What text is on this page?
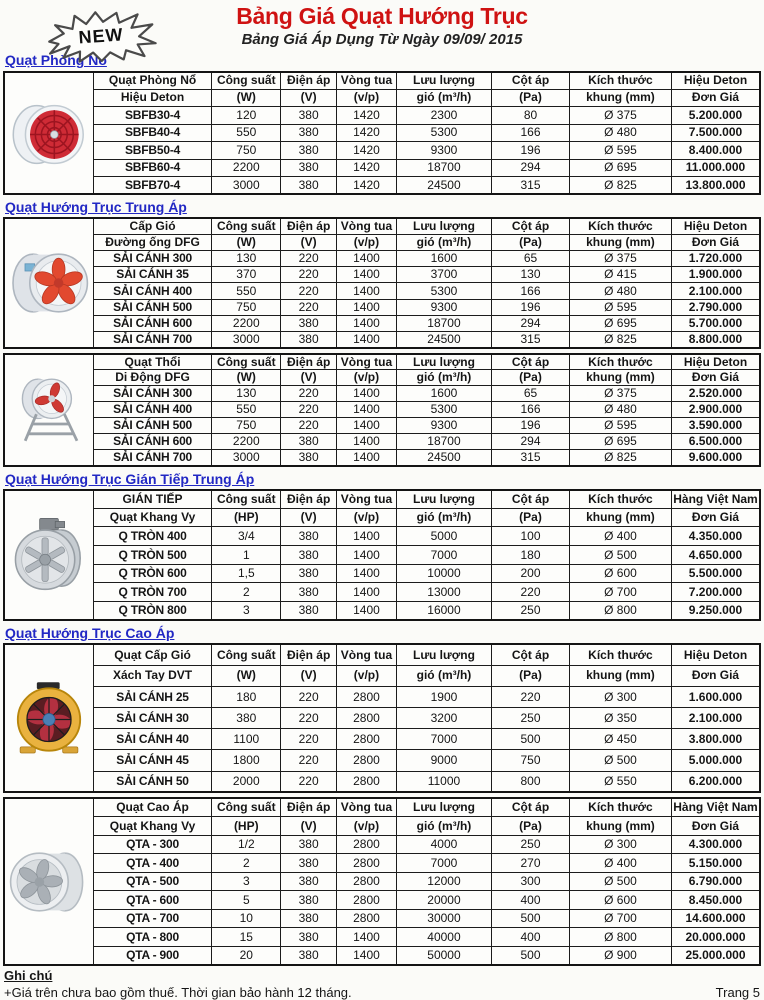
NEW
Bảng Giá Quạt Hướng Trục
Bảng Giá Áp Dụng Từ Ngày 09/09/ 2015
Quạt Phòng Nổ
	Quạt Phòng Nổ	Công suất	Điện áp	Vòng tua	Lưu lượng	Cột áp	Kích thước	Hiệu Deton
	Hiệu Deton	(W)	(V)	(v/p)	gió (m³/h)	(Pa)	khung (mm)	Đơn Giá
	SBFB30-4	120	380	1420	2300	80	Ø 375	5.200.000
	SBFB40-4	550	380	1420	5300	166	Ø 480	7.500.000
	SBFB50-4	750	380	1420	9300	196	Ø 595	8.400.000
	SBFB60-4	2200	380	1420	18700	294	Ø 695	11.000.000
	SBFB70-4	3000	380	1420	24500	315	Ø 825	13.800.000
Quạt Hướng Trục Trung Áp
	Cấp Gió	Công suất	Điện áp	Vòng tua	Lưu lượng	Cột áp	Kích thước	Hiệu Deton
	Đường ống DFG	(W)	(V)	(v/p)	gió (m³/h)	(Pa)	khung (mm)	Đơn Giá
	SẢI CÁNH 300	130	220	1400	1600	65	Ø 375	1.720.000
	SẢI CÁNH 35	370	220	1400	3700	130	Ø 415	1.900.000
	SẢI CÁNH 400	550	220	1400	5300	166	Ø 480	2.100.000
	SẢI CÁNH 500	750	220	1400	9300	196	Ø 595	2.790.000
	SẢI CÁNH 600	2200	380	1400	18700	294	Ø 695	5.700.000
	SẢI CÁNH 700	3000	380	1400	24500	315	Ø 825	8.800.000
	Quạt Thổi	Công suất	Điện áp	Vòng tua	Lưu lượng	Cột áp	Kích thước	Hiệu Deton
	Di Động DFG	(W)	(V)	(v/p)	gió (m³/h)	(Pa)	khung (mm)	Đơn Giá
	SẢI CÁNH 300	130	220	1400	1600	65	Ø 375	2.520.000
	SẢI CÁNH 400	550	220	1400	5300	166	Ø 480	2.900.000
	SẢI CÁNH 500	750	220	1400	9300	196	Ø 595	3.590.000
	SẢI CÁNH 600	2200	380	1400	18700	294	Ø 695	6.500.000
	SẢI CÁNH 700	3000	380	1400	24500	315	Ø 825	9.600.000
Quạt Hướng Trục Gián Tiếp Trung Áp
	GIÁN TIẾP	Công suất	Điện áp	Vòng tua	Lưu lượng	Cột áp	Kích thước	Hàng Việt Nam
	Quạt Khang Vy	(HP)	(V)	(v/p)	gió (m³/h)	(Pa)	khung (mm)	Đơn Giá
	Q TRÒN 400	3/4	380	1400	5000	100	Ø 400	4.350.000
	Q TRÒN 500	1	380	1400	7000	180	Ø 500	4.650.000
	Q TRÒN 600	1,5	380	1400	10000	200	Ø 600	5.500.000
	Q TRÒN 700	2	380	1400	13000	220	Ø 700	7.200.000
	Q TRÒN 800	3	380	1400	16000	250	Ø 800	9.250.000
Quạt Hướng Trục Cao Áp
	Quạt Cấp Gió	Công suất	Điện áp	Vòng tua	Lưu lượng	Cột áp	Kích thước	Hiệu Deton
	Xách Tay DVT	(W)	(V)	(v/p)	gió (m³/h)	(Pa)	khung (mm)	Đơn Giá
	SẢI CÁNH 25	180	220	2800	1900	220	Ø 300	1.600.000
	SẢI CÁNH 30	380	220	2800	3200	250	Ø 350	2.100.000
	SẢI CÁNH 40	1100	220	2800	7000	500	Ø 450	3.800.000
	SẢI CÁNH 45	1800	220	2800	9000	750	Ø 500	5.000.000
	SẢI CÁNH 50	2000	220	2800	11000	800	Ø 550	6.200.000
	Quạt Cao Áp	Công suất	Điện áp	Vòng tua	Lưu lượng	Cột áp	Kích thước	Hàng Việt Nam
	Quạt Khang Vy	(HP)	(V)	(v/p)	gió (m³/h)	(Pa)	khung (mm)	Đơn Giá
	QTA - 300	1/2	380	2800	4000	250	Ø 300	4.300.000
	QTA - 400	2	380	2800	7000	270	Ø 400	5.150.000
	QTA - 500	3	380	2800	12000	300	Ø 500	6.790.000
	QTA - 600	5	380	2800	20000	400	Ø 600	8.450.000
	QTA - 700	10	380	2800	30000	500	Ø 700	14.600.000
	QTA - 800	15	380	1400	40000	400	Ø 800	20.000.000
	QTA - 900	20	380	1400	50000	500	Ø 900	25.000.000
Ghi chú
+Giá trên chưa bao gồm thuế. Thời gian bảo hành 12 tháng.	Trang 5
